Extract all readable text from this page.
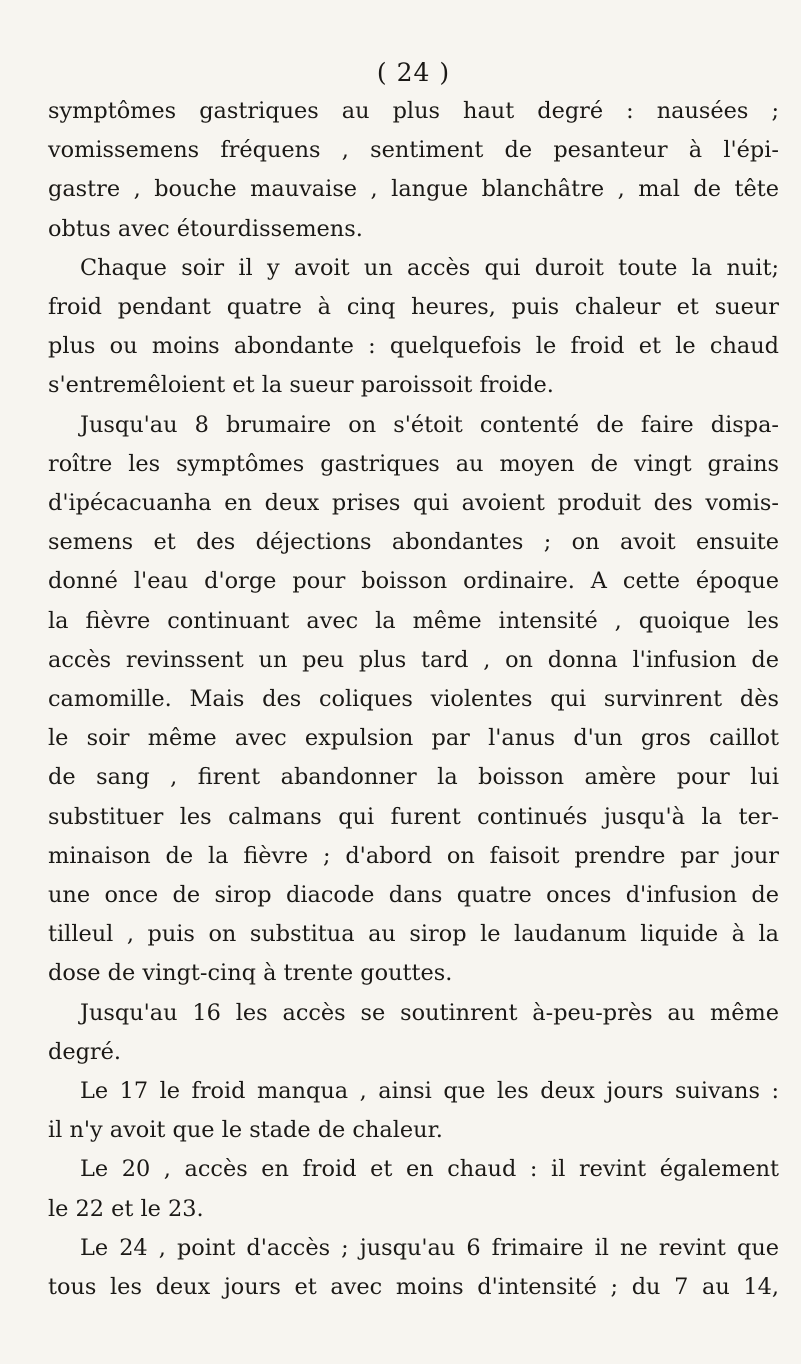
( 24 )

symptômes gastriques au plus haut degré : nausées ;

vomissemens fréquens , sentiment de pesanteur à l'épi-

gastre , bouche mauvaise , langue blanchâtre , mal de tête

obtus avec étourdissemens.

Chaque soir il y avoit un accès qui duroit toute la nuit;

froid pendant quatre à cinq heures, puis chaleur et sueur

plus ou moins abondante : quelquefois le froid et le chaud

s'entremêloient et la sueur paroissoit froide.

Jusqu'au 8 brumaire on s'étoit contenté de faire dispa-

roître les symptômes gastriques au moyen de vingt grains

d'ipécacuanha en deux prises qui avoient produit des vomis-

semens et des déjections abondantes ; on avoit ensuite

donné l'eau d'orge pour boisson ordinaire. A cette époque

la fièvre continuant avec la même intensité , quoique les

accès revinssent un peu plus tard , on donna l'infusion de

camomille. Mais des coliques violentes qui survinrent dès

le soir même avec expulsion par l'anus d'un gros caillot

de sang , firent abandonner la boisson amère pour lui

substituer les calmans qui furent continués jusqu'à la ter-

minaison de la fièvre ; d'abord on faisoit prendre par jour

une once de sirop diacode dans quatre onces d'infusion de

tilleul , puis on substitua au sirop le laudanum liquide à la

dose de vingt-cinq à trente gouttes.

Jusqu'au 16 les accès se soutinrent à-peu-près au même

degré.

Le 17 le froid manqua , ainsi que les deux jours suivans :

il n'y avoit que le stade de chaleur.

Le 20 , accès en froid et en chaud : il revint également

le 22 et le 23.

Le 24 , point d'accès ; jusqu'au 6 frimaire il ne revint que

tous les deux jours et avec moins d'intensité ; du 7 au 14,
